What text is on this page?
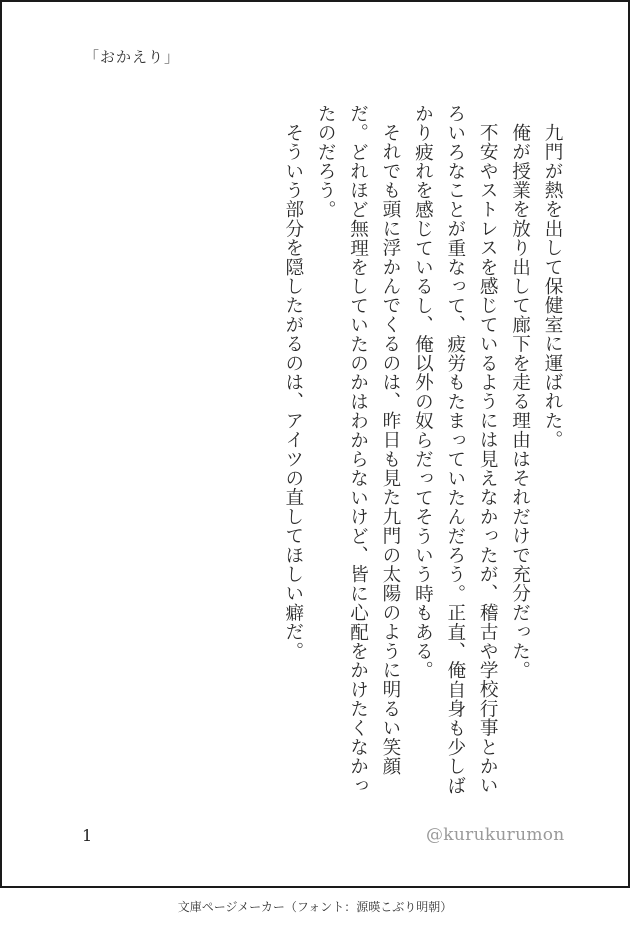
「おかえり」

九門が熱を出して保健室に運ばれた。

俺が授業を放り出して廊下を走る理由はそれだけで充分だった。

不安やストレスを感じているようには見えなかったが、稽古や学校行事とかいろいろなことが重なって、疲労もたまっていたんだろう。正直、俺自身も少しばかり疲れを感じているし、俺以外の奴らだってそういう時もある。

それでも頭に浮かんでくるのは、昨日も見た九門の太陽のように明るい笑顔だ。どれほど無理をしていたのかはわからないけど、皆に心配をかけたくなかったのだろう。

そういう部分を隠したがるのは、アイツの直してほしい癖だ。

1	@kurukurumon
文庫ページメーカー（フォント：源暎こぶり明朝）
